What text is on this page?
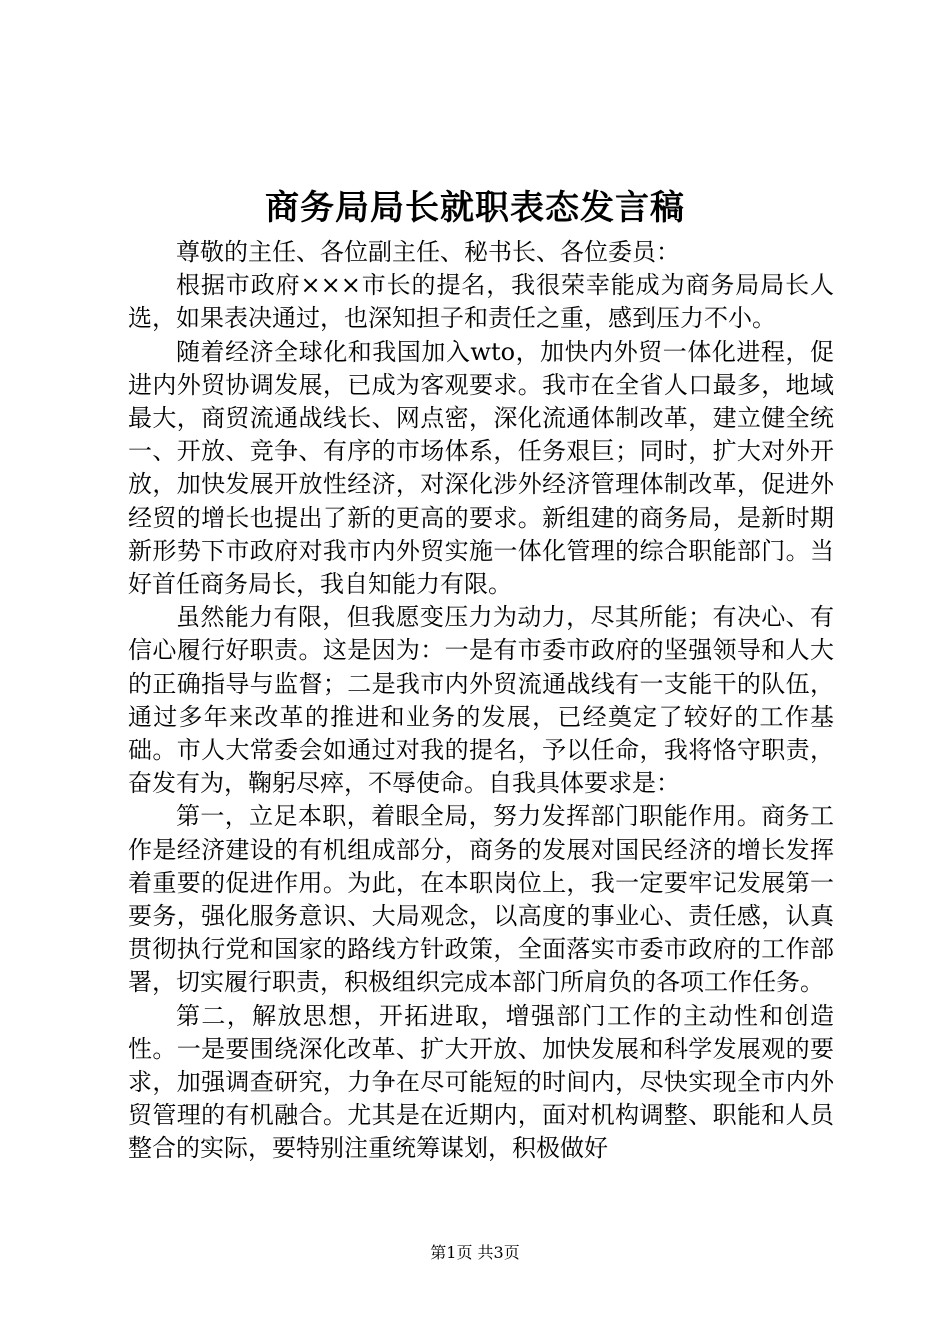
商务局局长就职表态发言稿

尊敬的主任、各位副主任、秘书长、各位委员：

根据市政府×××市长的提名，我很荣幸能成为商务局局长人选，如果表决通过，也深知担子和责任之重，感到压力不小。

随着经济全球化和我国加入wto，加快内外贸一体化进程，促进内外贸协调发展，已成为客观要求。我市在全省人口最多，地域最大，商贸流通战线长、网点密，深化流通体制改革，建立健全统一、开放、竞争、有序的市场体系，任务艰巨；同时，扩大对外开放，加快发展开放性经济，对深化涉外经济管理体制改革，促进外经贸的增长也提出了新的更高的要求。新组建的商务局，是新时期新形势下市政府对我市内外贸实施一体化管理的综合职能部门。当好首任商务局长，我自知能力有限。

虽然能力有限，但我愿变压力为动力，尽其所能；有决心、有信心履行好职责。这是因为：一是有市委市政府的坚强领导和人大的正确指导与监督；二是我市内外贸流通战线有一支能干的队伍，通过多年来改革的推进和业务的发展，已经奠定了较好的工作基础。市人大常委会如通过对我的提名，予以任命，我将恪守职责，奋发有为，鞠躬尽瘁，不辱使命。自我具体要求是：

第一，立足本职，着眼全局，努力发挥部门职能作用。商务工作是经济建设的有机组成部分，商务的发展对国民经济的增长发挥着重要的促进作用。为此，在本职岗位上，我一定要牢记发展第一要务，强化服务意识、大局观念，以高度的事业心、责任感，认真贯彻执行党和国家的路线方针政策，全面落实市委市政府的工作部署，切实履行职责，积极组织完成本部门所肩负的各项工作任务。

第二，解放思想，开拓进取，增强部门工作的主动性和创造性。一是要围绕深化改革、扩大开放、加快发展和科学发展观的要求，加强调查研究，力争在尽可能短的时间内，尽快实现全市内外贸管理的有机融合。尤其是在近期内，面对机构调整、职能和人员整合的实际，要特别注重统筹谋划，积极做好

第1页 共3页
